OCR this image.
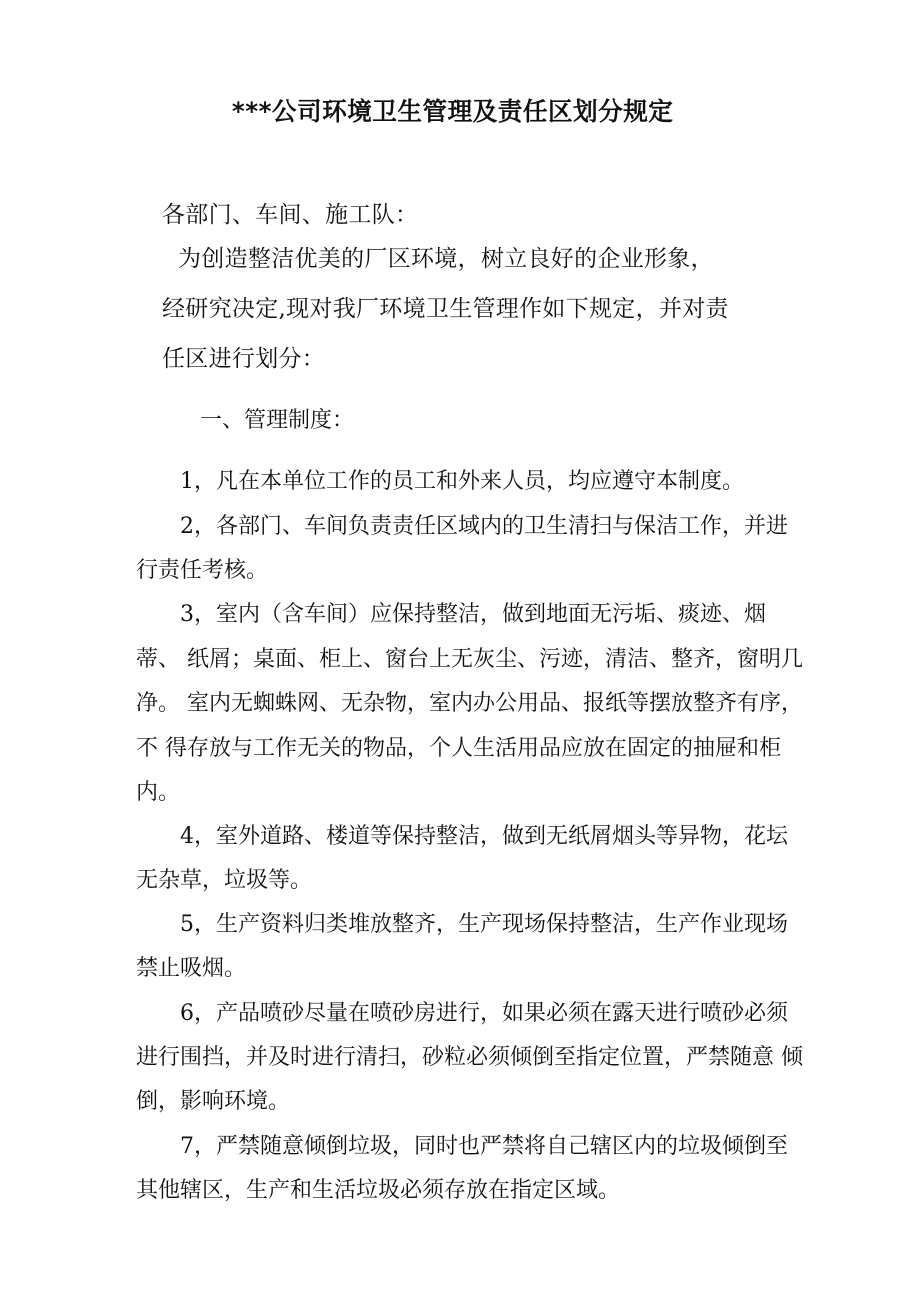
***公司环境卫生管理及责任区划分规定
各部门、车间、施工队：
为创造整洁优美的厂区环境，树立良好的企业形象，
经研究决定,现对我厂环境卫生管理作如下规定，并对责
任区进行划分：
一、管理制度：
1，凡在本单位工作的员工和外来人员，均应遵守本制度。
2，各部门、车间负责责任区域内的卫生清扫与保洁工作，并进
行责任考核。
3，室内（含车间）应保持整洁，做到地面无污垢、痰迹、烟
蒂、 纸屑；桌面、柜上、窗台上无灰尘、污迹，清洁、整齐，窗明几
净。 室内无蜘蛛网、无杂物，室内办公用品、报纸等摆放整齐有序，
不 得存放与工作无关的物品，个人生活用品应放在固定的抽屉和柜
内。
4，室外道路、楼道等保持整洁，做到无纸屑烟头等异物，花坛
无杂草，垃圾等。
5，生产资料归类堆放整齐，生产现场保持整洁，生产作业现场
禁止吸烟。
6，产品喷砂尽量在喷砂房进行，如果必须在露天进行喷砂必须
进行围挡，并及时进行清扫，砂粒必须倾倒至指定位置，严禁随意 倾
倒，影响环境。
7，严禁随意倾倒垃圾，同时也严禁将自己辖区内的垃圾倾倒至
其他辖区，生产和生活垃圾必须存放在指定区域。
